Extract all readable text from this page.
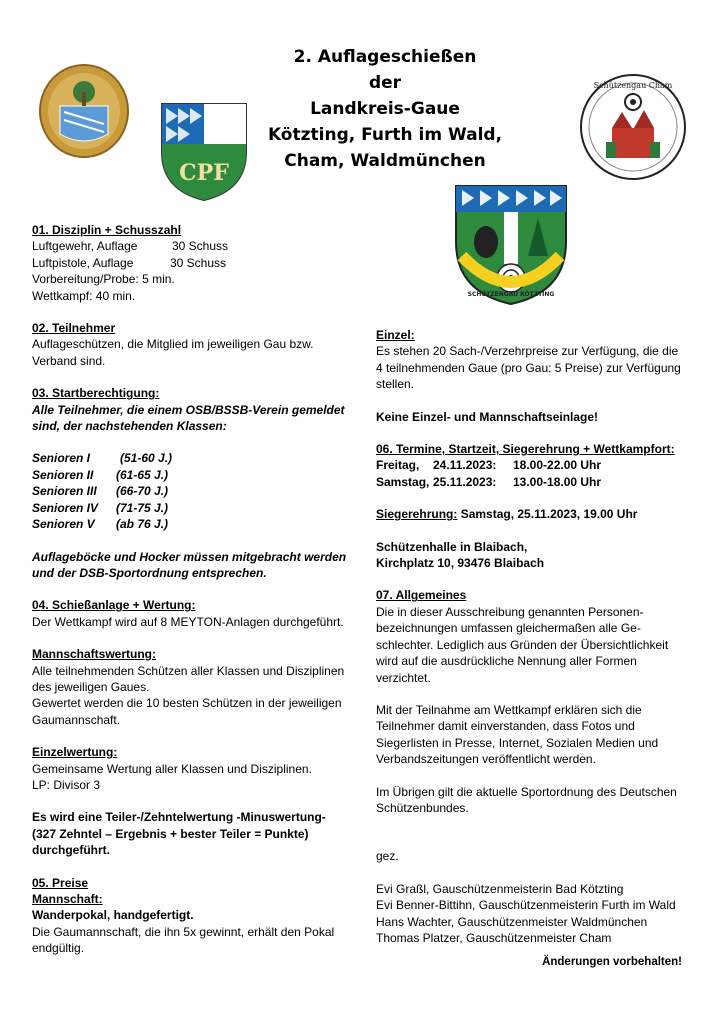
CPF
Schützengau Cham
SCHÜTZENGAU KÖTZTING
2. Auflageschießen
der
Landkreis-Gaue
Kötzting, Furth im Wald,
Cham, Waldmünchen

01. Disziplin + Schusszahl

Luftgewehr, Auflage	30 Schuss

Luftpistole, Auflage	30 Schuss

Vorbereitung/Probe: 5 min.

Wettkampf: 40 min.

02. Teilnehmer

Auflageschützen, die Mitglied im jeweiligen Gau bzw.

Verband sind.

03. Startberechtigung:

Alle Teilnehmer, die einem OSB/BSSB-Verein gemeldet

sind, der nachstehenden Klassen:

Senioren I (51-60 J.)

Senioren II (61-65 J.)

Senioren III (66-70 J.)

Senioren IV (71-75 J.)

Senioren V (ab 76 J.)

Auflageböcke und Hocker müssen mitgebracht werden

und der DSB-Sportordnung entsprechen.

04. Schießanlage + Wertung:

Der Wettkampf wird auf 8 MEYTON-Anlagen durchgeführt.

Mannschaftswertung:

Alle teilnehmenden Schützen aller Klassen und Disziplinen

des jeweiligen Gaues.

Gewertet werden die 10 besten Schützen in der jeweiligen

Gaumannschaft.

Einzelwertung:

Gemeinsame Wertung aller Klassen und Disziplinen.

LP: Divisor 3

Es wird eine Teiler-/Zehntelwertung -Minuswertung-

(327 Zehntel – Ergebnis + bester Teiler = Punkte)

durchgeführt.

05. Preise

Mannschaft:

Wanderpokal, handgefertigt.

Die Gaumannschaft, die ihn 5x gewinnt, erhält den Pokal

endgültig.

Einzel:

Es stehen 20 Sach-/Verzehrpreise zur Verfügung, die die

4 teilnehmenden Gaue (pro Gau: 5 Preise) zur Verfügung

stellen.

Keine Einzel- und Mannschaftseinlage!

06. Termine, Startzeit, Siegerehrung + Wettkampfort:

Freitag, 24.11.2023: 18.00-22.00 Uhr

Samstag, 25.11.2023: 13.00-18.00 Uhr

Siegerehrung: Samstag, 25.11.2023, 19.00 Uhr

Schützenhalle in Blaibach,

Kirchplatz 10, 93476 Blaibach

07. Allgemeines

Die in dieser Ausschreibung genannten Personen-

bezeichnungen umfassen gleichermaßen alle Ge-

schlechter. Lediglich aus Gründen der Übersichtlichkeit

wird auf die ausdrückliche Nennung aller Formen

verzichtet.

Mit der Teilnahme am Wettkampf erklären sich die

Teilnehmer damit einverstanden, dass Fotos und

Siegerlisten in Presse, Internet, Sozialen Medien und

Verbandszeitungen veröffentlicht werden.

Im Übrigen gilt die aktuelle Sportordnung des Deutschen

Schützenbundes.

gez.

Evi Graßl, Gauschützenmeisterin Bad Kötzting

Evi Benner-Bittihn, Gauschützenmeisterin Furth im Wald

Hans Wachter, Gauschützenmeister Waldmünchen

Thomas Platzer, Gauschützenmeister Cham

Änderungen vorbehalten!
